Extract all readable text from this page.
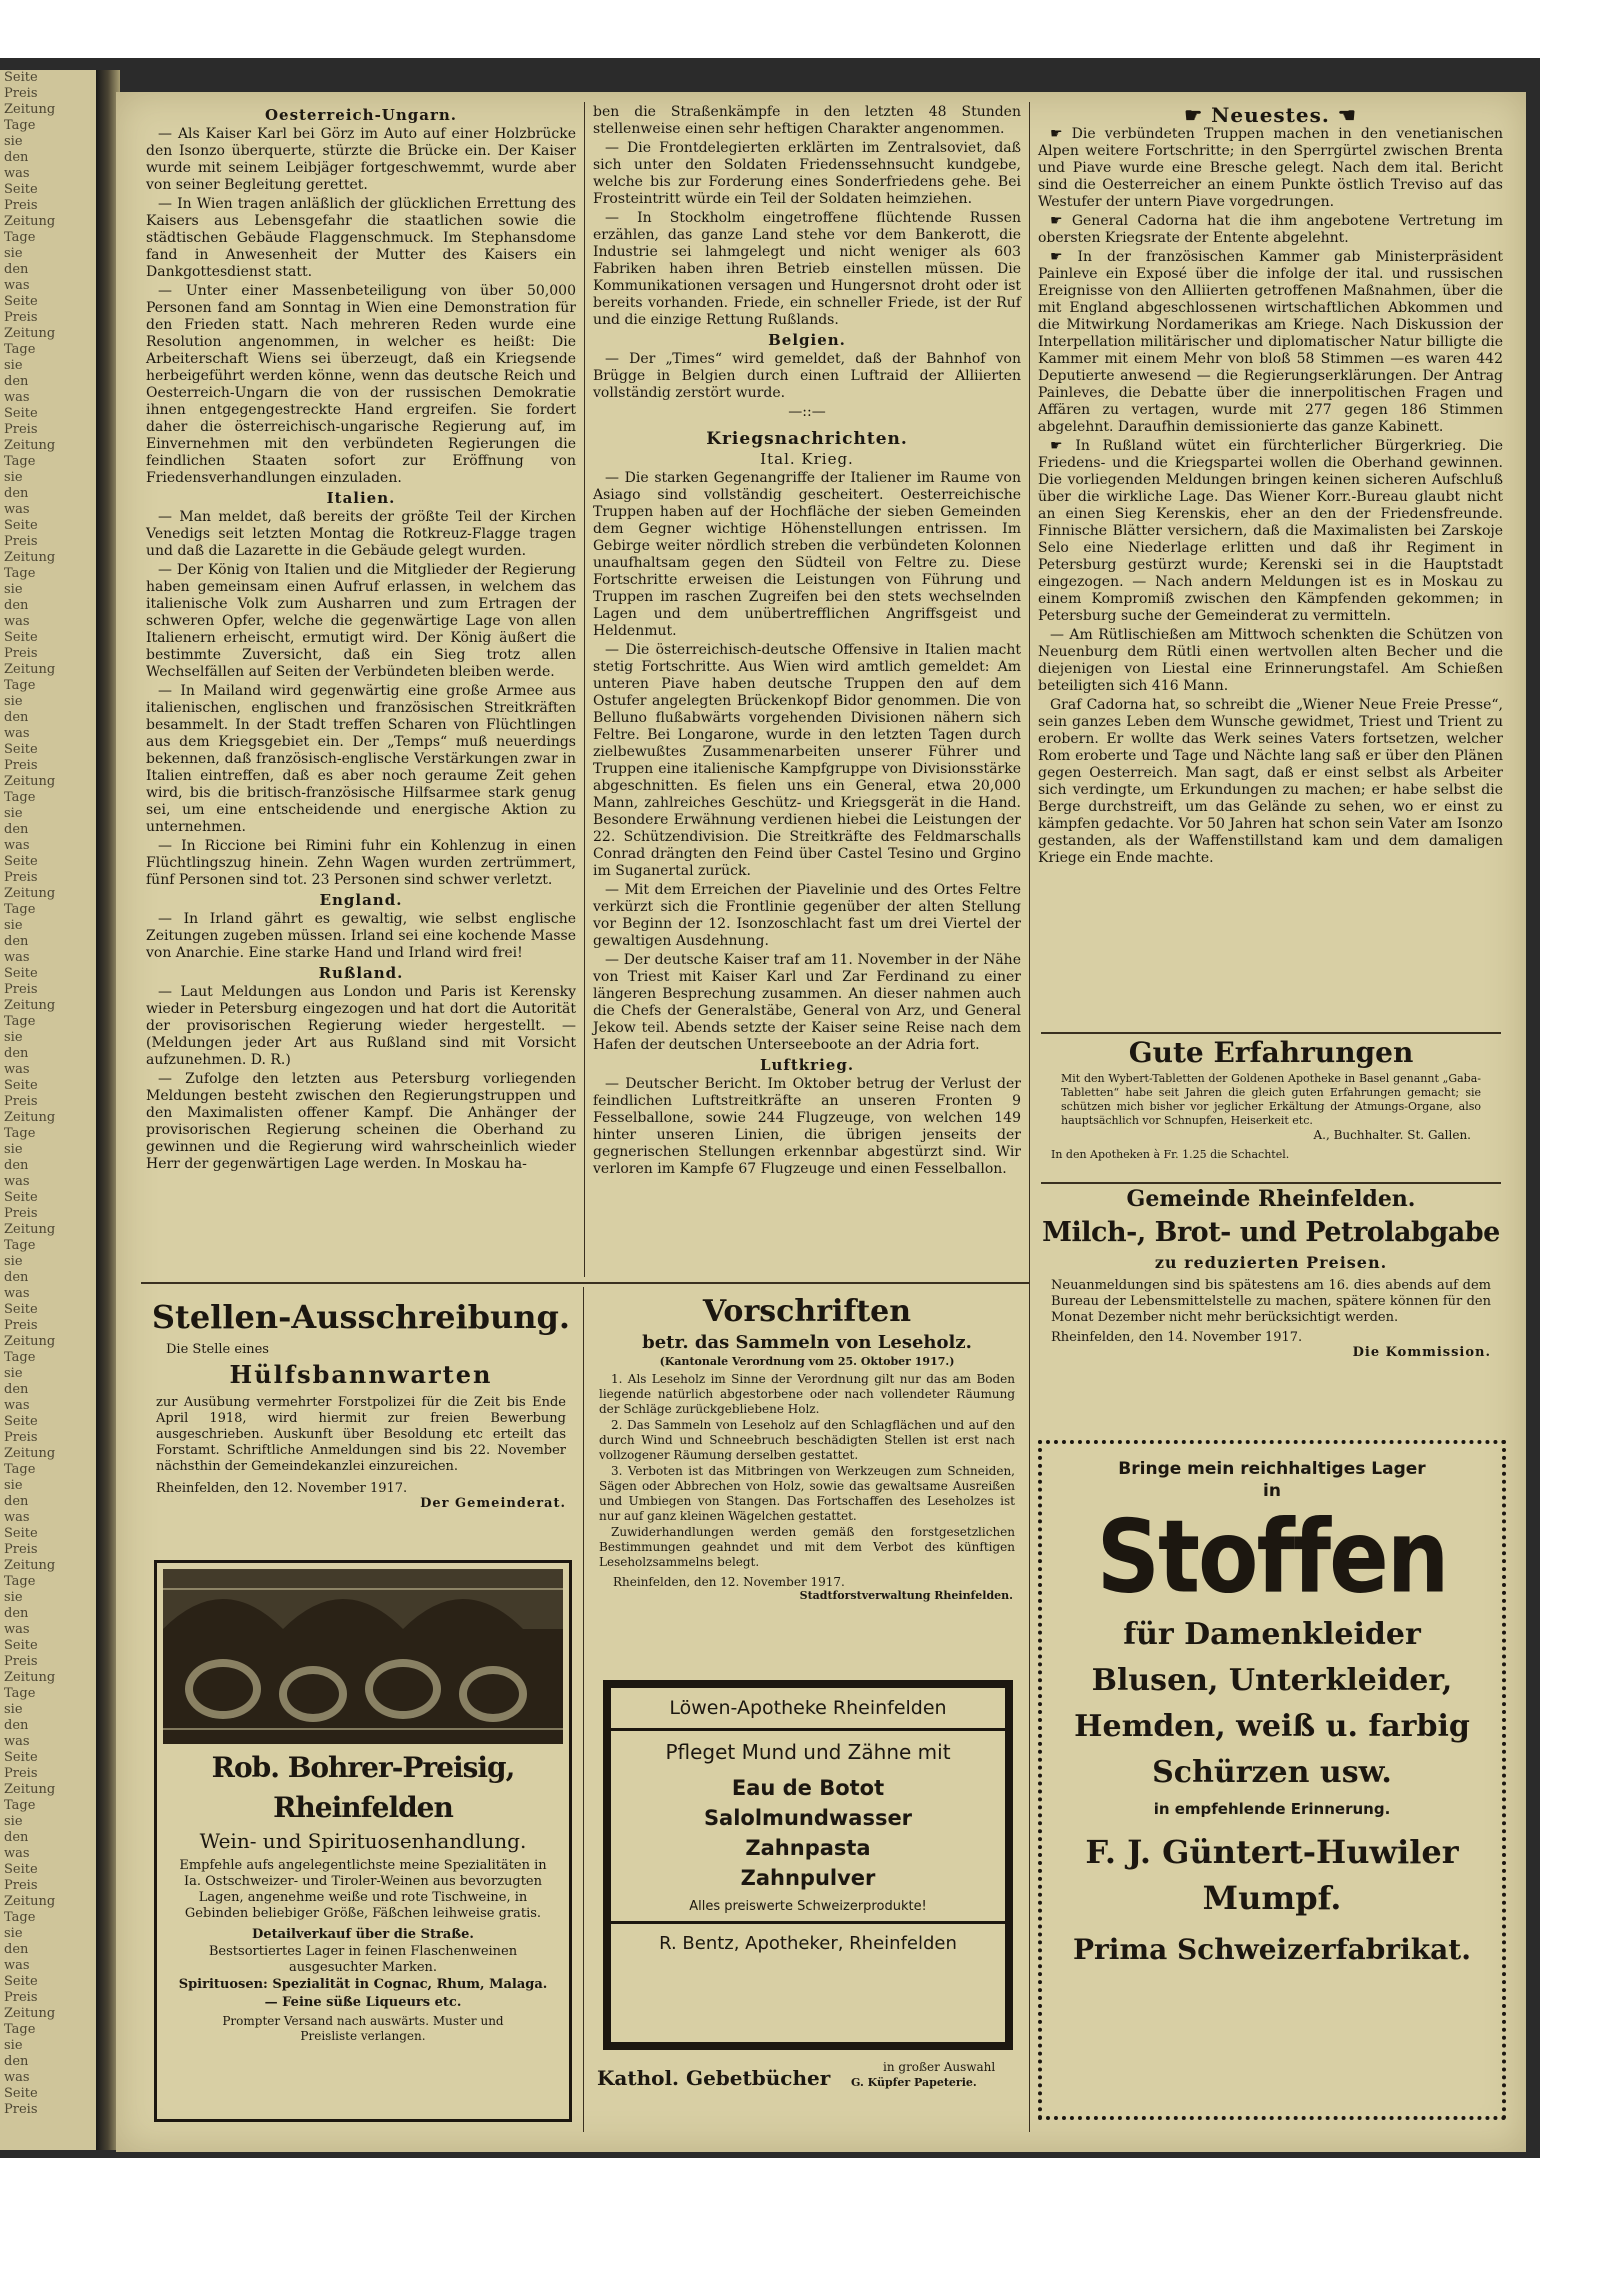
Seite

Preis

Zeitung

Tage

sie

den

was

Seite

Preis

Zeitung

Tage

sie

den

was

Seite

Preis

Zeitung

Tage

sie

den

was

Seite

Preis

Zeitung

Tage

sie

den

was

Seite

Preis

Zeitung

Tage

sie

den

was

Seite

Preis

Zeitung

Tage

sie

den

was

Seite

Preis

Zeitung

Tage

sie

den

was

Seite

Preis

Zeitung

Tage

sie

den

was

Seite

Preis

Zeitung

Tage

sie

den

was

Seite

Preis

Zeitung

Tage

sie

den

was

Seite

Preis

Zeitung

Tage

sie

den

was

Seite

Preis

Zeitung

Tage

sie

den

was

Seite

Preis

Zeitung

Tage

sie

den

was

Seite

Preis

Zeitung

Tage

sie

den

was

Seite

Preis

Zeitung

Tage

sie

den

was

Seite

Preis

Zeitung

Tage

sie

den

was

Seite

Preis

Zeitung

Tage

sie

den

was

Seite

Preis

Zeitung

Tage

sie

den

was

Seite

Preis

Oesterreich-Ungarn.

— Als Kaiser Karl bei Görz im Auto auf einer Holzbrücke den Isonzo überquerte, stürzte die Brücke ein. Der Kaiser wurde mit seinem Leibjäger fortgeschwemmt, wurde aber von seiner Begleitung gerettet.

— In Wien tragen anläßlich der glücklichen Errettung des Kaisers aus Lebensgefahr die staatlichen sowie die städtischen Gebäude Flaggenschmuck. Im Stephansdome fand in Anwesenheit der Mutter des Kaisers ein Dankgottesdienst statt.

— Unter einer Massenbeteiligung von über 50,000 Personen fand am Sonntag in Wien eine Demonstration für den Frieden statt. Nach mehreren Reden wurde eine Resolution angenommen, in welcher es heißt: Die Arbeiterschaft Wiens sei überzeugt, daß ein Kriegsende herbeigeführt werden könne, wenn das deutsche Reich und Oesterreich-Ungarn die von der russischen Demokratie ihnen entgegengestreckte Hand ergreifen. Sie fordert daher die österreichisch-ungarische Regierung auf, im Einvernehmen mit den verbündeten Regierungen die feindlichen Staaten sofort zur Eröffnung von Friedensverhandlungen einzuladen.

Italien.

— Man meldet, daß bereits der größte Teil der Kirchen Venedigs seit letzten Montag die Rotkreuz-Flagge tragen und daß die Lazarette in die Gebäude gelegt wurden.

— Der König von Italien und die Mitglieder der Regierung haben gemeinsam einen Aufruf erlassen, in welchem das italienische Volk zum Ausharren und zum Ertragen der schweren Opfer, welche die gegenwärtige Lage von allen Italienern erheischt, ermutigt wird. Der König äußert die bestimmte Zuversicht, daß ein Sieg trotz allen Wechselfällen auf Seiten der Verbündeten bleiben werde.

— In Mailand wird gegenwärtig eine große Armee aus italienischen, englischen und französischen Streitkräften besammelt. In der Stadt treffen Scharen von Flüchtlingen aus dem Kriegsgebiet ein. Der „Temps“ muß neuerdings bekennen, daß französisch-englische Verstärkungen zwar in Italien eintreffen, daß es aber noch geraume Zeit gehen wird, bis die britisch-französische Hilfsarmee stark genug sei, um eine entscheidende und energische Aktion zu unternehmen.

— In Riccione bei Rimini fuhr ein Kohlenzug in einen Flüchtlingszug hinein. Zehn Wagen wurden zertrümmert, fünf Personen sind tot. 23 Personen sind schwer verletzt.

England.

— In Irland gährt es gewaltig, wie selbst englische Zeitungen zugeben müssen. Irland sei eine kochende Masse von Anarchie. Eine starke Hand und Irland wird frei!

Rußland.

— Laut Meldungen aus London und Paris ist Kerensky wieder in Petersburg eingezogen und hat dort die Autorität der provisorischen Regierung wieder hergestellt. — (Meldungen jeder Art aus Rußland sind mit Vorsicht aufzunehmen. D. R.)

— Zufolge den letzten aus Petersburg vorliegenden Meldungen besteht zwischen den Regierungstruppen und den Maximalisten offener Kampf. Die Anhänger der provisorischen Regierung scheinen die Oberhand zu gewinnen und die Regierung wird wahrscheinlich wieder Herr der gegenwärtigen Lage werden. In Moskau ha-

ben die Straßenkämpfe in den letzten 48 Stunden stellenweise einen sehr heftigen Charakter angenommen.

— Die Frontdelegierten erklärten im Zentralsoviet, daß sich unter den Soldaten Friedenssehnsucht kundgebe, welche bis zur Forderung eines Sonderfriedens gehe. Bei Frosteintritt würde ein Teil der Soldaten heimziehen.

— In Stockholm eingetroffene flüchtende Russen erzählen, das ganze Land stehe vor dem Bankerott, die Industrie sei lahmgelegt und nicht weniger als 603 Fabriken haben ihren Betrieb einstellen müssen. Die Kommunikationen versagen und Hungersnot droht oder ist bereits vorhanden. Friede, ein schneller Friede, ist der Ruf und die einzige Rettung Rußlands.

Belgien.

— Der „Times“ wird gemeldet, daß der Bahnhof von Brügge in Belgien durch einen Luftraid der Alliierten vollständig zerstört wurde.

—::—
Kriegsnachrichten.
Ital. Krieg.

— Die starken Gegenangriffe der Italiener im Raume von Asiago sind vollständig gescheitert. Oesterreichische Truppen haben auf der Hochfläche der sieben Gemeinden dem Gegner wichtige Höhenstellungen entrissen. Im Gebirge weiter nördlich streben die verbündeten Kolonnen unaufhaltsam gegen den Südteil von Feltre zu. Diese Fortschritte erweisen die Leistungen von Führung und Truppen im raschen Zugreifen bei den stets wechselnden Lagen und dem unübertrefflichen Angriffsgeist und Heldenmut.

— Die österreichisch-deutsche Offensive in Italien macht stetig Fortschritte. Aus Wien wird amtlich gemeldet: Am unteren Piave haben deutsche Truppen den auf dem Ostufer angelegten Brückenkopf Bidor genommen. Die von Belluno flußabwärts vorgehenden Divisionen nähern sich Feltre. Bei Longarone, wurde in den letzten Tagen durch zielbewußtes Zusammenarbeiten unserer Führer und Truppen eine italienische Kampfgruppe von Divisionsstärke abgeschnitten. Es fielen uns ein General, etwa 20,000 Mann, zahlreiches Geschütz- und Kriegsgerät in die Hand. Besondere Erwähnung verdienen hiebei die Leistungen der 22. Schützendivision. Die Streitkräfte des Feldmarschalls Conrad drängten den Feind über Castel Tesino und Grgino im Suganertal zurück.

— Mit dem Erreichen der Piavelinie und des Ortes Feltre verkürzt sich die Frontlinie gegenüber der alten Stellung vor Beginn der 12. Isonzoschlacht fast um drei Viertel der gewaltigen Ausdehnung.

— Der deutsche Kaiser traf am 11. November in der Nähe von Triest mit Kaiser Karl und Zar Ferdinand zu einer längeren Besprechung zusammen. An dieser nahmen auch die Chefs der Generalstäbe, General von Arz, und General Jekow teil. Abends setzte der Kaiser seine Reise nach dem Hafen der deutschen Unterseeboote an der Adria fort.

Luftkrieg.

— Deutscher Bericht. Im Oktober betrug der Verlust der feindlichen Luftstreitkräfte an unseren Fronten 9 Fesselballone, sowie 244 Flugzeuge, von welchen 149 hinter unseren Linien, die übrigen jenseits der gegnerischen Stellungen erkennbar abgestürzt sind. Wir verloren im Kampfe 67 Flugzeuge und einen Fesselballon.

☛ Neuestes. ☚

☛ Die verbündeten Truppen machen in den venetianischen Alpen weitere Fortschritte; in den Sperrgürtel zwischen Brenta und Piave wurde eine Bresche gelegt. Nach dem ital. Bericht sind die Oesterreicher an einem Punkte östlich Treviso auf das Westufer der untern Piave vorgedrungen.

☛ General Cadorna hat die ihm angebotene Vertretung im obersten Kriegsrate der Entente abgelehnt.

☛ In der französischen Kammer gab Ministerpräsident Painleve ein Exposé über die infolge der ital. und russischen Ereignisse von den Alliierten getroffenen Maßnahmen, über die mit England abgeschlossenen wirtschaftlichen Abkommen und die Mitwirkung Nordamerikas am Kriege. Nach Diskussion der Interpellation militärischer und diplomatischer Natur billigte die Kammer mit einem Mehr von bloß 58 Stimmen —es waren 442 Deputierte anwesend — die Regierungserklärungen. Der Antrag Painleves, die Debatte über die innerpolitischen Fragen und Affären zu vertagen, wurde mit 277 gegen 186 Stimmen abgelehnt. Daraufhin demissionierte das ganze Kabinett.

☛ In Rußland wütet ein fürchterlicher Bürgerkrieg. Die Friedens- und die Kriegspartei wollen die Oberhand gewinnen. Die vorliegenden Meldungen bringen keinen sicheren Aufschluß über die wirkliche Lage. Das Wiener Korr.-Bureau glaubt nicht an einen Sieg Kerenskis, eher an den der Friedensfreunde. Finnische Blätter versichern, daß die Maximalisten bei Zarskoje Selo eine Niederlage erlitten und daß ihr Regiment in Petersburg gestürzt wurde; Kerenski sei in die Hauptstadt eingezogen. — Nach andern Meldungen ist es in Moskau zu einem Kompromiß zwischen den Kämpfenden gekommen; in Petersburg suche der Gemeinderat zu vermitteln.

— Am Rütlischießen am Mittwoch schenkten die Schützen von Neuenburg dem Rütli einen wertvollen alten Becher und die diejenigen von Liestal eine Erinnerungstafel. Am Schießen beteiligten sich 416 Mann.

Graf Cadorna hat, so schreibt die „Wiener Neue Freie Presse“, sein ganzes Leben dem Wunsche gewidmet, Triest und Trient zu erobern. Er wollte das Werk seines Vaters fortsetzen, welcher Rom eroberte und Tage und Nächte lang saß er über den Plänen gegen Oesterreich. Man sagt, daß er einst selbst als Arbeiter sich verdingte, um Erkundungen zu machen; er habe selbst die Berge durchstreift, um das Gelände zu sehen, wo er einst zu kämpfen gedachte. Vor 50 Jahren hat schon sein Vater am Isonzo gestanden, als der Waffenstillstand kam und dem damaligen Kriege ein Ende machte.

Gute Erfahrungen
Mit den Wybert-Tabletten der Goldenen Apotheke in Basel genannt „Gaba-Tabletten“ habe seit Jahren die gleich guten Erfahrungen gemacht; sie schützen mich bisher vor jeglicher Erkältung der Atmungs-Organe, also hauptsächlich vor Schnupfen, Heiserkeit etc.
A., Buchhalter. St. Gallen.
In den Apotheken à Fr. 1.25 die Schachtel.
Gemeinde Rheinfelden.
Milch-, Brot- und Petrolabgabe
zu reduzierten Preisen.
Neuanmeldungen sind bis spätestens am 16. dies abends auf dem Bureau der Lebensmittelstelle zu machen, spätere können für den Monat Dezember nicht mehr berücksichtigt werden.
Rheinfelden, den 14. November 1917.
Die Kommission.
Bringe mein reichhaltiges Lager
in
Stoffen
für Damenkleider
Blusen, Unterkleider,
Hemden, weiß u. farbig
Schürzen usw.
in empfehlende Erinnerung.
F. J. Güntert-Huwiler
Mumpf.
Prima Schweizerfabrikat.
Stellen-Ausschreibung.
Die Stelle eines
Hülfsbannwarten
zur Ausübung vermehrter Forstpolizei für die Zeit bis Ende April 1918, wird hiermit zur freien Bewerbung ausgeschrieben. Auskunft über Besoldung etc erteilt das Forstamt. Schriftliche Anmeldungen sind bis 22. November nächsthin der Gemeindekanzlei einzureichen.
Rheinfelden, den 12. November 1917.
Der Gemeinderat.
Rob. Bohrer-Preisig, Rheinfelden
Wein- und Spirituosenhandlung.
Empfehle aufs angelegentlichste meine Spezialitäten in Ia. Ostschweizer- und Tiroler-Weinen aus bevorzugten Lagen, angenehme weiße und rote Tischweine, in Gebinden beliebiger Größe, Fäßchen leihweise gratis.
Detailverkauf über die Straße.
Bestsortiertes Lager in feinen Flaschenweinen ausgesuchter Marken.
Spirituosen: Spezialität in Cognac, Rhum, Malaga. — Feine süße Liqueurs etc.
Prompter Versand nach auswärts. Muster und Preisliste verlangen.
Vorschriften
betr. das Sammeln von Leseholz.
(Kantonale Verordnung vom 25. Oktober 1917.)

1. Als Leseholz im Sinne der Verordnung gilt nur das am Boden liegende natürlich abgestorbene oder nach vollendeter Räumung der Schläge zurückgebliebene Holz.

2. Das Sammeln von Leseholz auf den Schlagflächen und auf den durch Wind und Schneebruch beschädigten Stellen ist erst nach vollzogener Räumung derselben gestattet.

3. Verboten ist das Mitbringen von Werkzeugen zum Schneiden, Sägen oder Abbrechen von Holz, sowie das gewaltsame Ausreißen und Umbiegen von Stangen. Das Fortschaffen des Leseholzes ist nur auf ganz kleinen Wägelchen gestattet.

Zuwiderhandlungen werden gemäß den forstgesetzlichen Bestimmungen geahndet und mit dem Verbot des künftigen Leseholzsammelns belegt.

Rheinfelden, den 12. November 1917.
Stadtforstverwaltung Rheinfelden.
Löwen-Apotheke Rheinfelden
Pfleget Mund und Zähne mit
Eau de Botot
Salolmundwasser
Zahnpasta
Zahnpulver
Alles preiswerte Schweizerprodukte!
R. Bentz, Apotheker, Rheinfelden
Kathol. Gebetbücher	in großer Auswahl
G. Küpfer Papeterie.
